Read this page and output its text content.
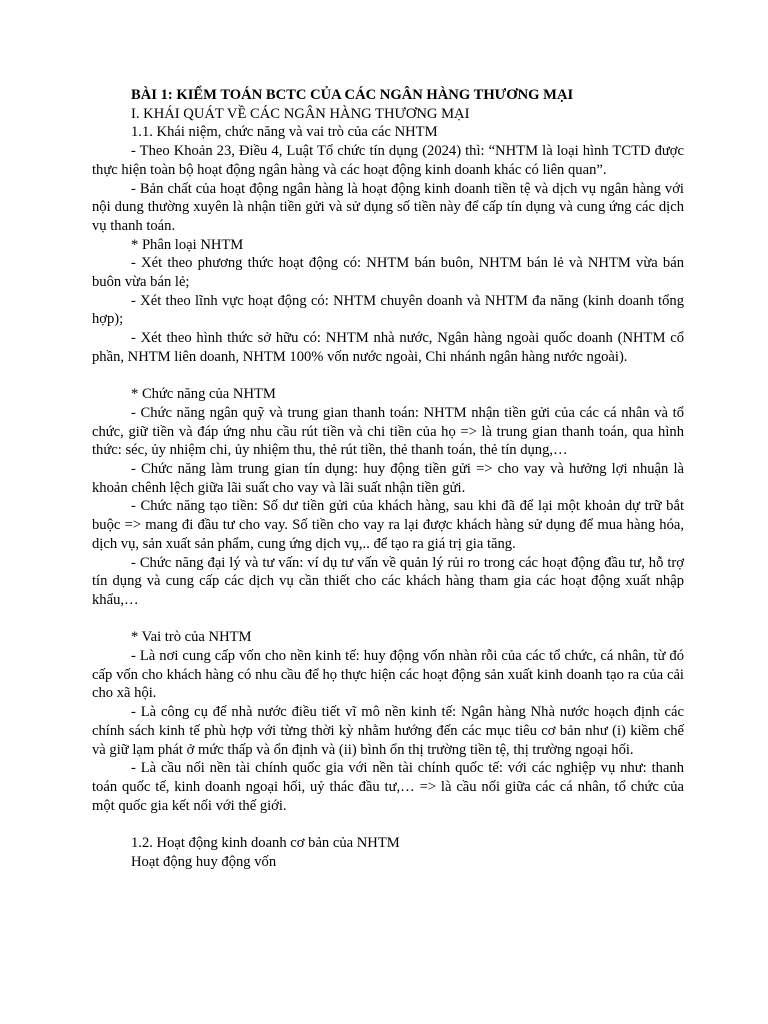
BÀI 1: KIỂM TOÁN BCTC CỦA CÁC NGÂN HÀNG THƯƠNG MẠI

I. KHÁI QUÁT VỀ CÁC NGÂN HÀNG THƯƠNG MẠI

1.1. Khái niệm, chức năng và vai trò của các NHTM

- Theo Khoản 23, Điều 4, Luật Tổ chức tín dụng (2024) thì: “NHTM là loại hình TCTD được thực hiện toàn bộ hoạt động ngân hàng và các hoạt động kinh doanh khác có liên quan”.

- Bản chất của hoạt động ngân hàng là hoạt động kinh doanh tiền tệ và dịch vụ ngân hàng với nội dung thường xuyên là nhận tiền gửi và sử dụng số tiền này để cấp tín dụng và cung ứng các dịch vụ thanh toán.

* Phân loại NHTM

- Xét theo phương thức hoạt động có: NHTM bán buôn, NHTM bán lẻ và NHTM vừa bán buôn vừa bán lẻ;

- Xét theo lĩnh vực hoạt động có: NHTM chuyên doanh và NHTM đa năng (kinh doanh tổng hợp);

- Xét theo hình thức sở hữu có: NHTM nhà nước, Ngân hàng ngoài quốc doanh (NHTM cổ phần, NHTM liên doanh, NHTM 100% vốn nước ngoài, Chi nhánh ngân hàng nước ngoài).

* Chức năng của NHTM

- Chức năng ngân quỹ và trung gian thanh toán: NHTM nhận tiền gửi của các cá nhân và tổ chức, giữ tiền và đáp ứng nhu cầu rút tiền và chi tiền của họ => là trung gian thanh toán, qua hình thức: séc, ủy nhiệm chi, ủy nhiệm thu, thẻ rút tiền, thẻ thanh toán, thẻ tín dụng,…

- Chức năng làm trung gian tín dụng: huy động tiền gửi => cho vay và hưởng lợi nhuận là khoản chênh lệch giữa lãi suất cho vay và lãi suất nhận tiền gửi.

- Chức năng tạo tiền: Số dư tiền gửi của khách hàng, sau khi đã để lại một khoản dự trữ bắt buộc => mang đi đầu tư cho vay. Số tiền cho vay ra lại được khách hàng sử dụng để mua hàng hóa, dịch vụ, sản xuất sản phẩm, cung ứng dịch vụ,.. để tạo ra giá trị gia tăng.

- Chức năng đại lý và tư vấn: ví dụ tư vấn về quản lý rủi ro trong các hoạt động đầu tư, hỗ trợ tín dụng và cung cấp các dịch vụ cần thiết cho các khách hàng tham gia các hoạt động xuất nhập khẩu,…

* Vai trò của NHTM

- Là nơi cung cấp vốn cho nền kinh tế: huy động vốn nhàn rỗi của các tổ chức, cá nhân, từ đó cấp vốn cho khách hàng có nhu cầu để họ thực hiện các hoạt động sản xuất kinh doanh tạo ra của cải cho xã hội.

- Là công cụ để nhà nước điều tiết vĩ mô nền kinh tế: Ngân hàng Nhà nước hoạch định các chính sách kinh tế phù hợp với từng thời kỳ nhằm hướng đến các mục tiêu cơ bản như (i) kiềm chế và giữ lạm phát ở mức thấp và ổn định và (ii) bình ổn thị trường tiền tệ, thị trường ngoại hối.

- Là cầu nối nền tài chính quốc gia với nền tài chính quốc tế: với các nghiệp vụ như: thanh toán quốc tế, kinh doanh ngoại hối, uỷ thác đầu tư,… => là cầu nối giữa các cá nhân, tổ chức của một quốc gia kết nối với thế giới.

1.2. Hoạt động kinh doanh cơ bản của NHTM

Hoạt động huy động vốn
